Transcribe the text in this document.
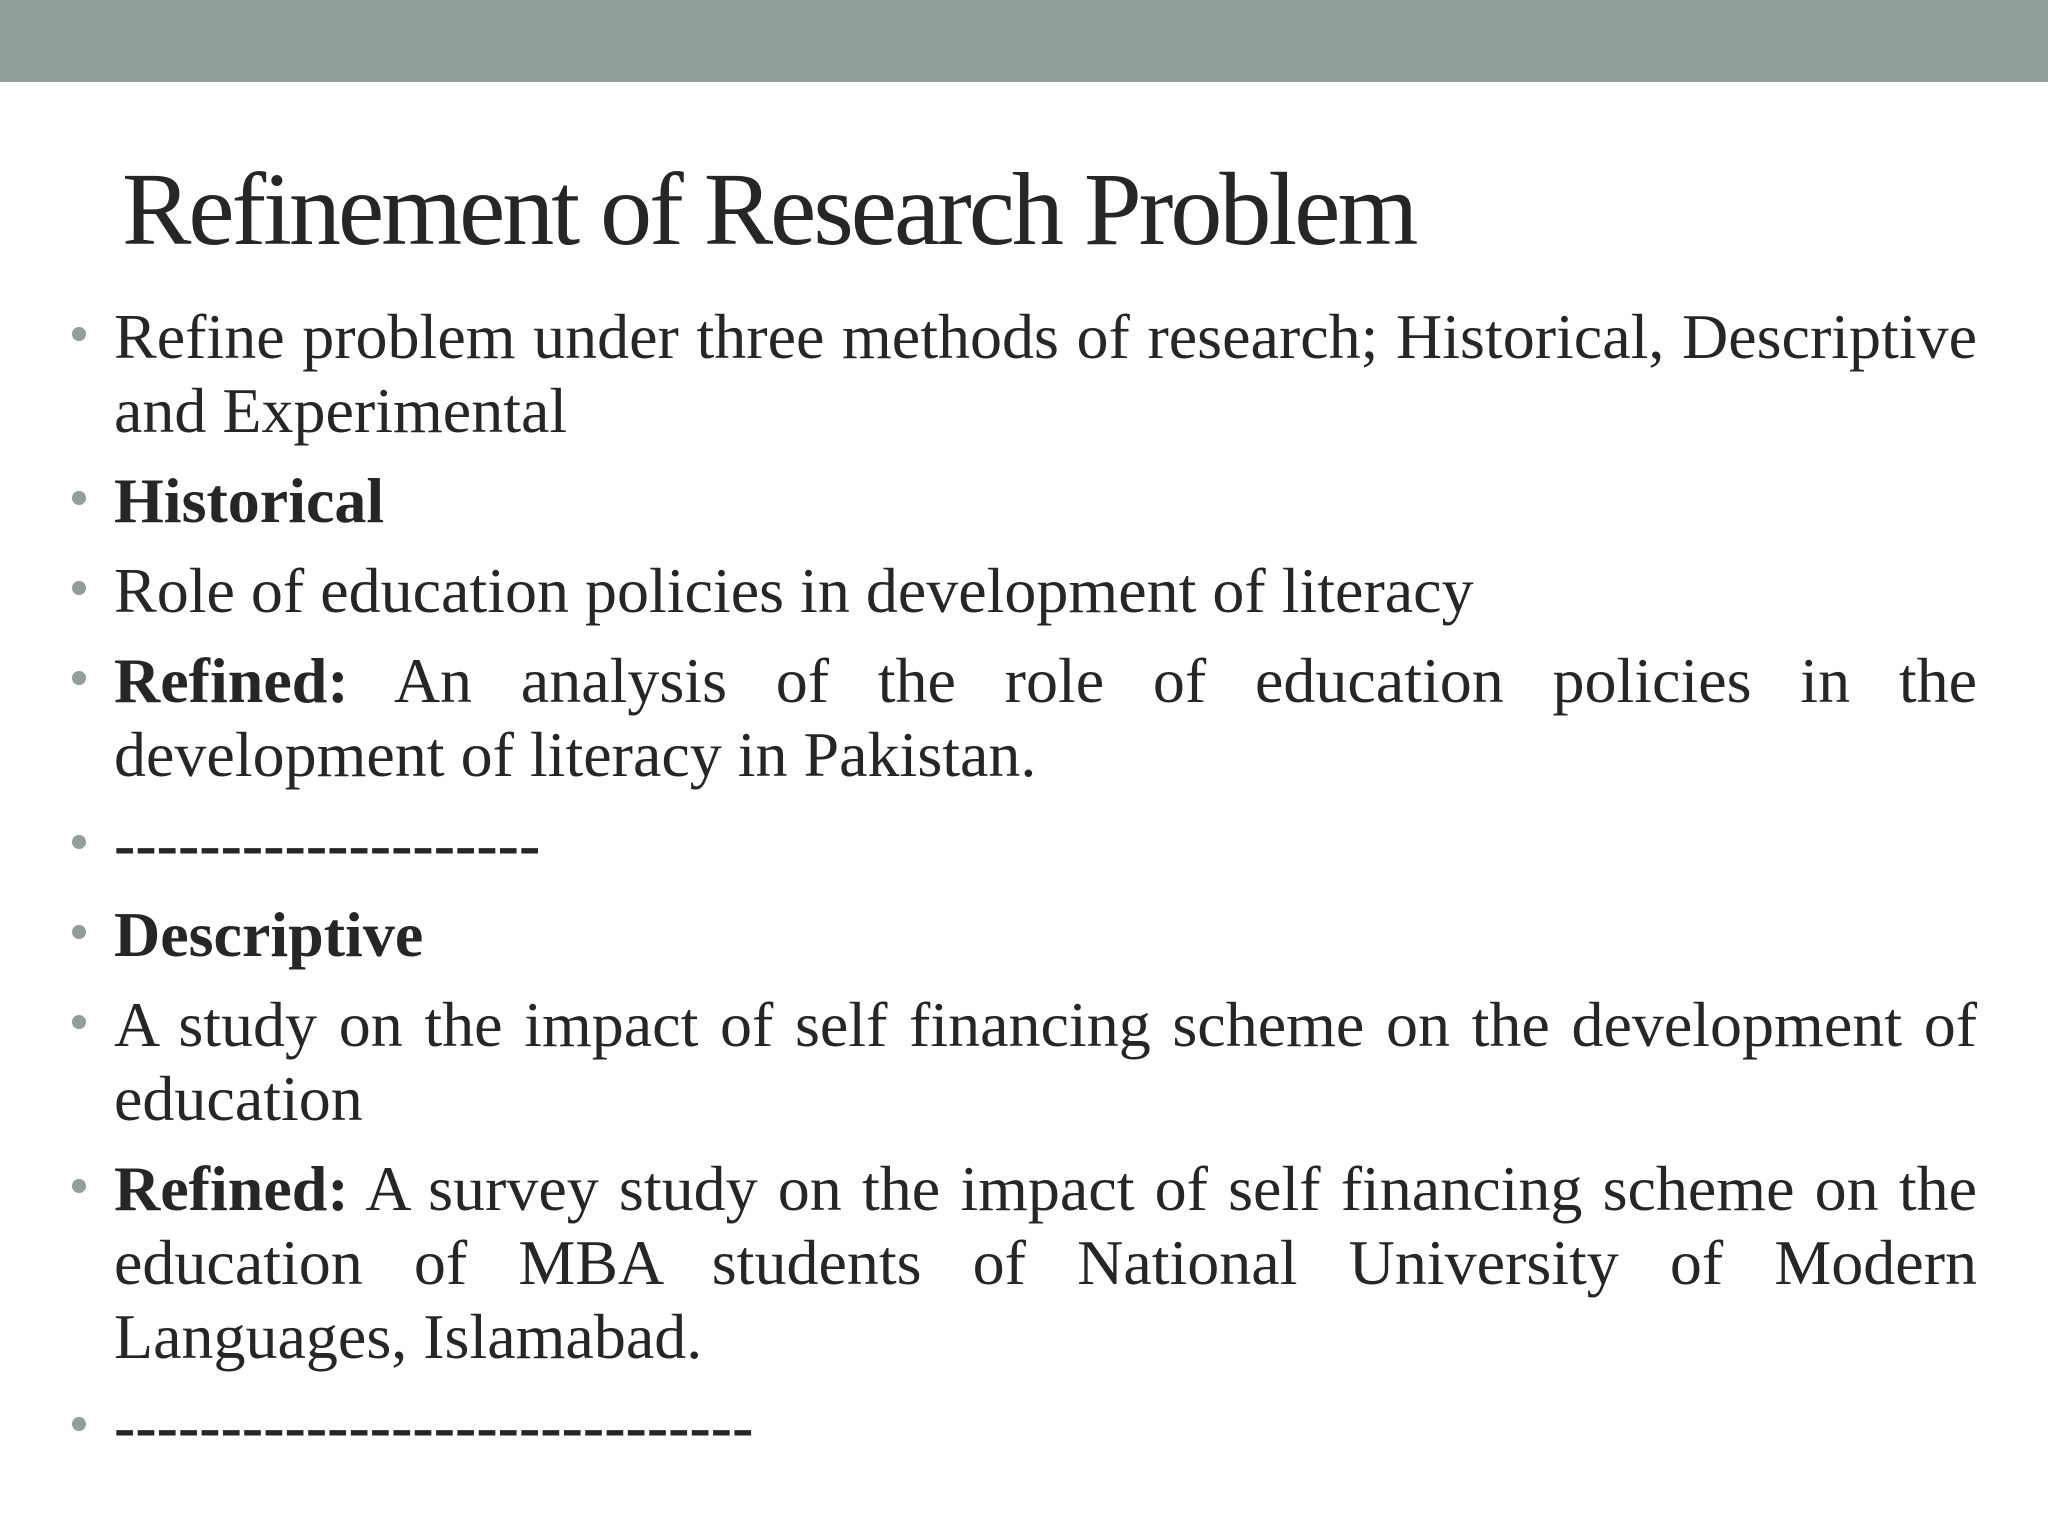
Refinement of Research Problem
Refine problem under three methods of research; Historical, Descriptive and Experimental
Historical
Role of education policies in development of literacy
Refined: An analysis of the role of education policies in the development of literacy in Pakistan.
--------------------
Descriptive
A study on the impact of self financing scheme on the development of education
Refined: A survey study on the impact of self financing scheme on the education of MBA students of National University of Modern Languages, Islamabad.
------------------------------
